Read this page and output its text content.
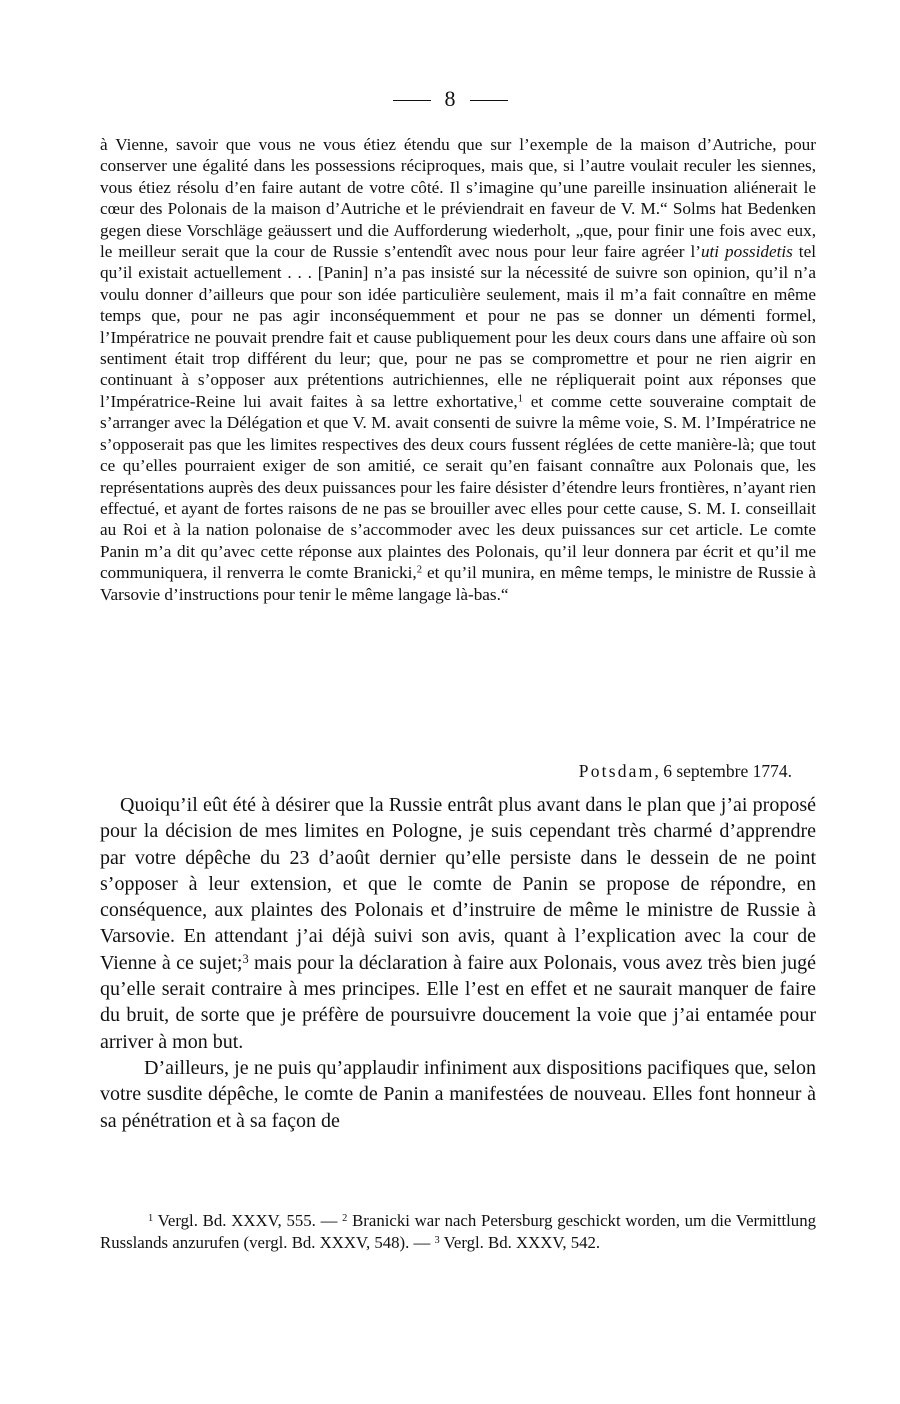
8

à Vienne, savoir que vous ne vous étiez étendu que sur l’exemple de la maison d’Autriche, pour conserver une égalité dans les possessions réciproques, mais que, si l’autre voulait reculer les siennes, vous étiez résolu d’en faire autant de votre côté. Il s’imagine qu’une pareille insinuation aliénerait le cœur des Polonais de la maison d’Autriche et le préviendrait en faveur de V. M.“ Solms hat Bedenken gegen diese Vorschläge geäussert und die Aufforderung wiederholt, „que, pour finir une fois avec eux, le meilleur serait que la cour de Russie s’entendît avec nous pour leur faire agréer l’uti possidetis tel qu’il existait actuellement . . . [Panin] n’a pas insisté sur la nécessité de suivre son opinion, qu’il n’a voulu donner d’ailleurs que pour son idée particulière seulement, mais il m’a fait connaître en même temps que, pour ne pas agir inconséquemment et pour ne pas se donner un démenti formel, l’Impératrice ne pouvait prendre fait et cause publiquement pour les deux cours dans une affaire où son sentiment était trop différent du leur; que, pour ne pas se compromettre et pour ne rien aigrir en continuant à s’opposer aux prétentions autrichiennes, elle ne répliquerait point aux réponses que l’Impératrice-Reine lui avait faites à sa lettre exhortative,$^1$ et comme cette souveraine comptait de s’arranger avec la Délégation et que V. M. avait consenti de suivre la même voie, S. M. l’Impératrice ne s’opposerait pas que les limites respectives des deux cours fussent réglées de cette manière-là; que tout ce qu’elles pourraient exiger de son amitié, ce serait qu’en faisant connaître aux Polonais que, les représentations auprès des deux puissances pour les faire désister d’étendre leurs frontières, n’ayant rien effectué, et ayant de fortes raisons de ne pas se brouiller avec elles pour cette cause, S. M. I. conseillait au Roi et à la nation polonaise de s’accommoder avec les deux puissances sur cet article. Le comte Panin m’a dit qu’avec cette réponse aux plaintes des Polonais, qu’il leur donnera par écrit et qu’il me communiquera, il renverra le comte Branicki,$^2$ et qu’il munira, en même temps, le ministre de Russie à Varsovie d’instructions pour tenir le même langage là-bas.“

Potsdam, 6 septembre 1774.

Quoiqu’il eût été à désirer que la Russie entrât plus avant dans le plan que j’ai proposé pour la décision de mes limites en Pologne, je suis cependant très charmé d’apprendre par votre dépêche du 23 d’août dernier qu’elle persiste dans le dessein de ne point s’opposer à leur extension, et que le comte de Panin se propose de répondre, en conséquence, aux plaintes des Polonais et d’instruire de même le ministre de Russie à Varsovie. En attendant j’ai déjà suivi son avis, quant à l’explication avec la cour de Vienne à ce sujet;$^3$ mais pour la déclaration à faire aux Polonais, vous avez très bien jugé qu’elle serait contraire à mes principes. Elle l’est en effet et ne saurait manquer de faire du bruit, de sorte que je préfère de poursuivre doucement la voie que j’ai entamée pour arriver à mon but.

D’ailleurs, je ne puis qu’applaudir infiniment aux dispositions pacifiques que, selon votre susdite dépêche, le comte de Panin a manifestées de nouveau. Elles font honneur à sa pénétration et à sa façon de

$^1$ Vergl. Bd. XXXV, 555. — $^2$ Branicki war nach Petersburg geschickt worden, um die Vermittlung Russlands anzurufen (vergl. Bd. XXXV, 548). — $^3$ Vergl. Bd. XXXV, 542.
